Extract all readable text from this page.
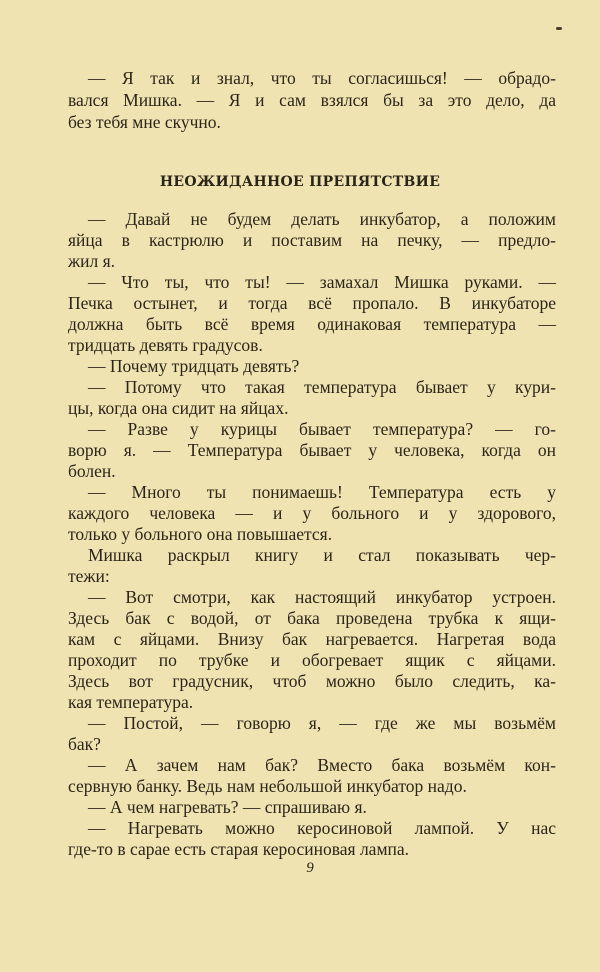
— Я так и знал, что ты согласишься! — обрадо-
вался Мишка. — Я и сам взялся бы за это дело, да
без тебя мне скучно.
НЕОЖИДАННОЕ ПРЕПЯТСТВИЕ
— Давай не будем делать инкубатор, а положим
яйца в кастрюлю и поставим на печку, — предло-
жил я.
— Что ты, что ты! — замахал Мишка руками. —
Печка остынет, и тогда всё пропало. В инкубаторе
должна быть всё время одинаковая температура —
тридцать девять градусов.
— Почему тридцать девять?
— Потому что такая температура бывает у кури-
цы, когда она сидит на яйцах.
— Разве у курицы бывает температура? — го-
ворю я. — Температура бывает у человека, когда он
болен.
— Много ты понимаешь! Температура есть у
каждого человека — и у больного и у здорового,
только у больного она повышается.
Мишка раскрыл книгу и стал показывать чер-
тежи:
— Вот смотри, как настоящий инкубатор устроен.
Здесь бак с водой, от бака проведена трубка к ящи-
кам с яйцами. Внизу бак нагревается. Нагретая вода
проходит по трубке и обогревает ящик с яйцами.
Здесь вот градусник, чтоб можно было следить, ка-
кая температура.
— Постой, — говорю я, — где же мы возьмём
бак?
— А зачем нам бак? Вместо бака возьмём кон-
сервную банку. Ведь нам небольшой инкубатор надо.
— А чем нагревать? — спрашиваю я.
— Нагревать можно керосиновой лампой. У нас
где-то в сарае есть старая керосиновая лампа.
9
